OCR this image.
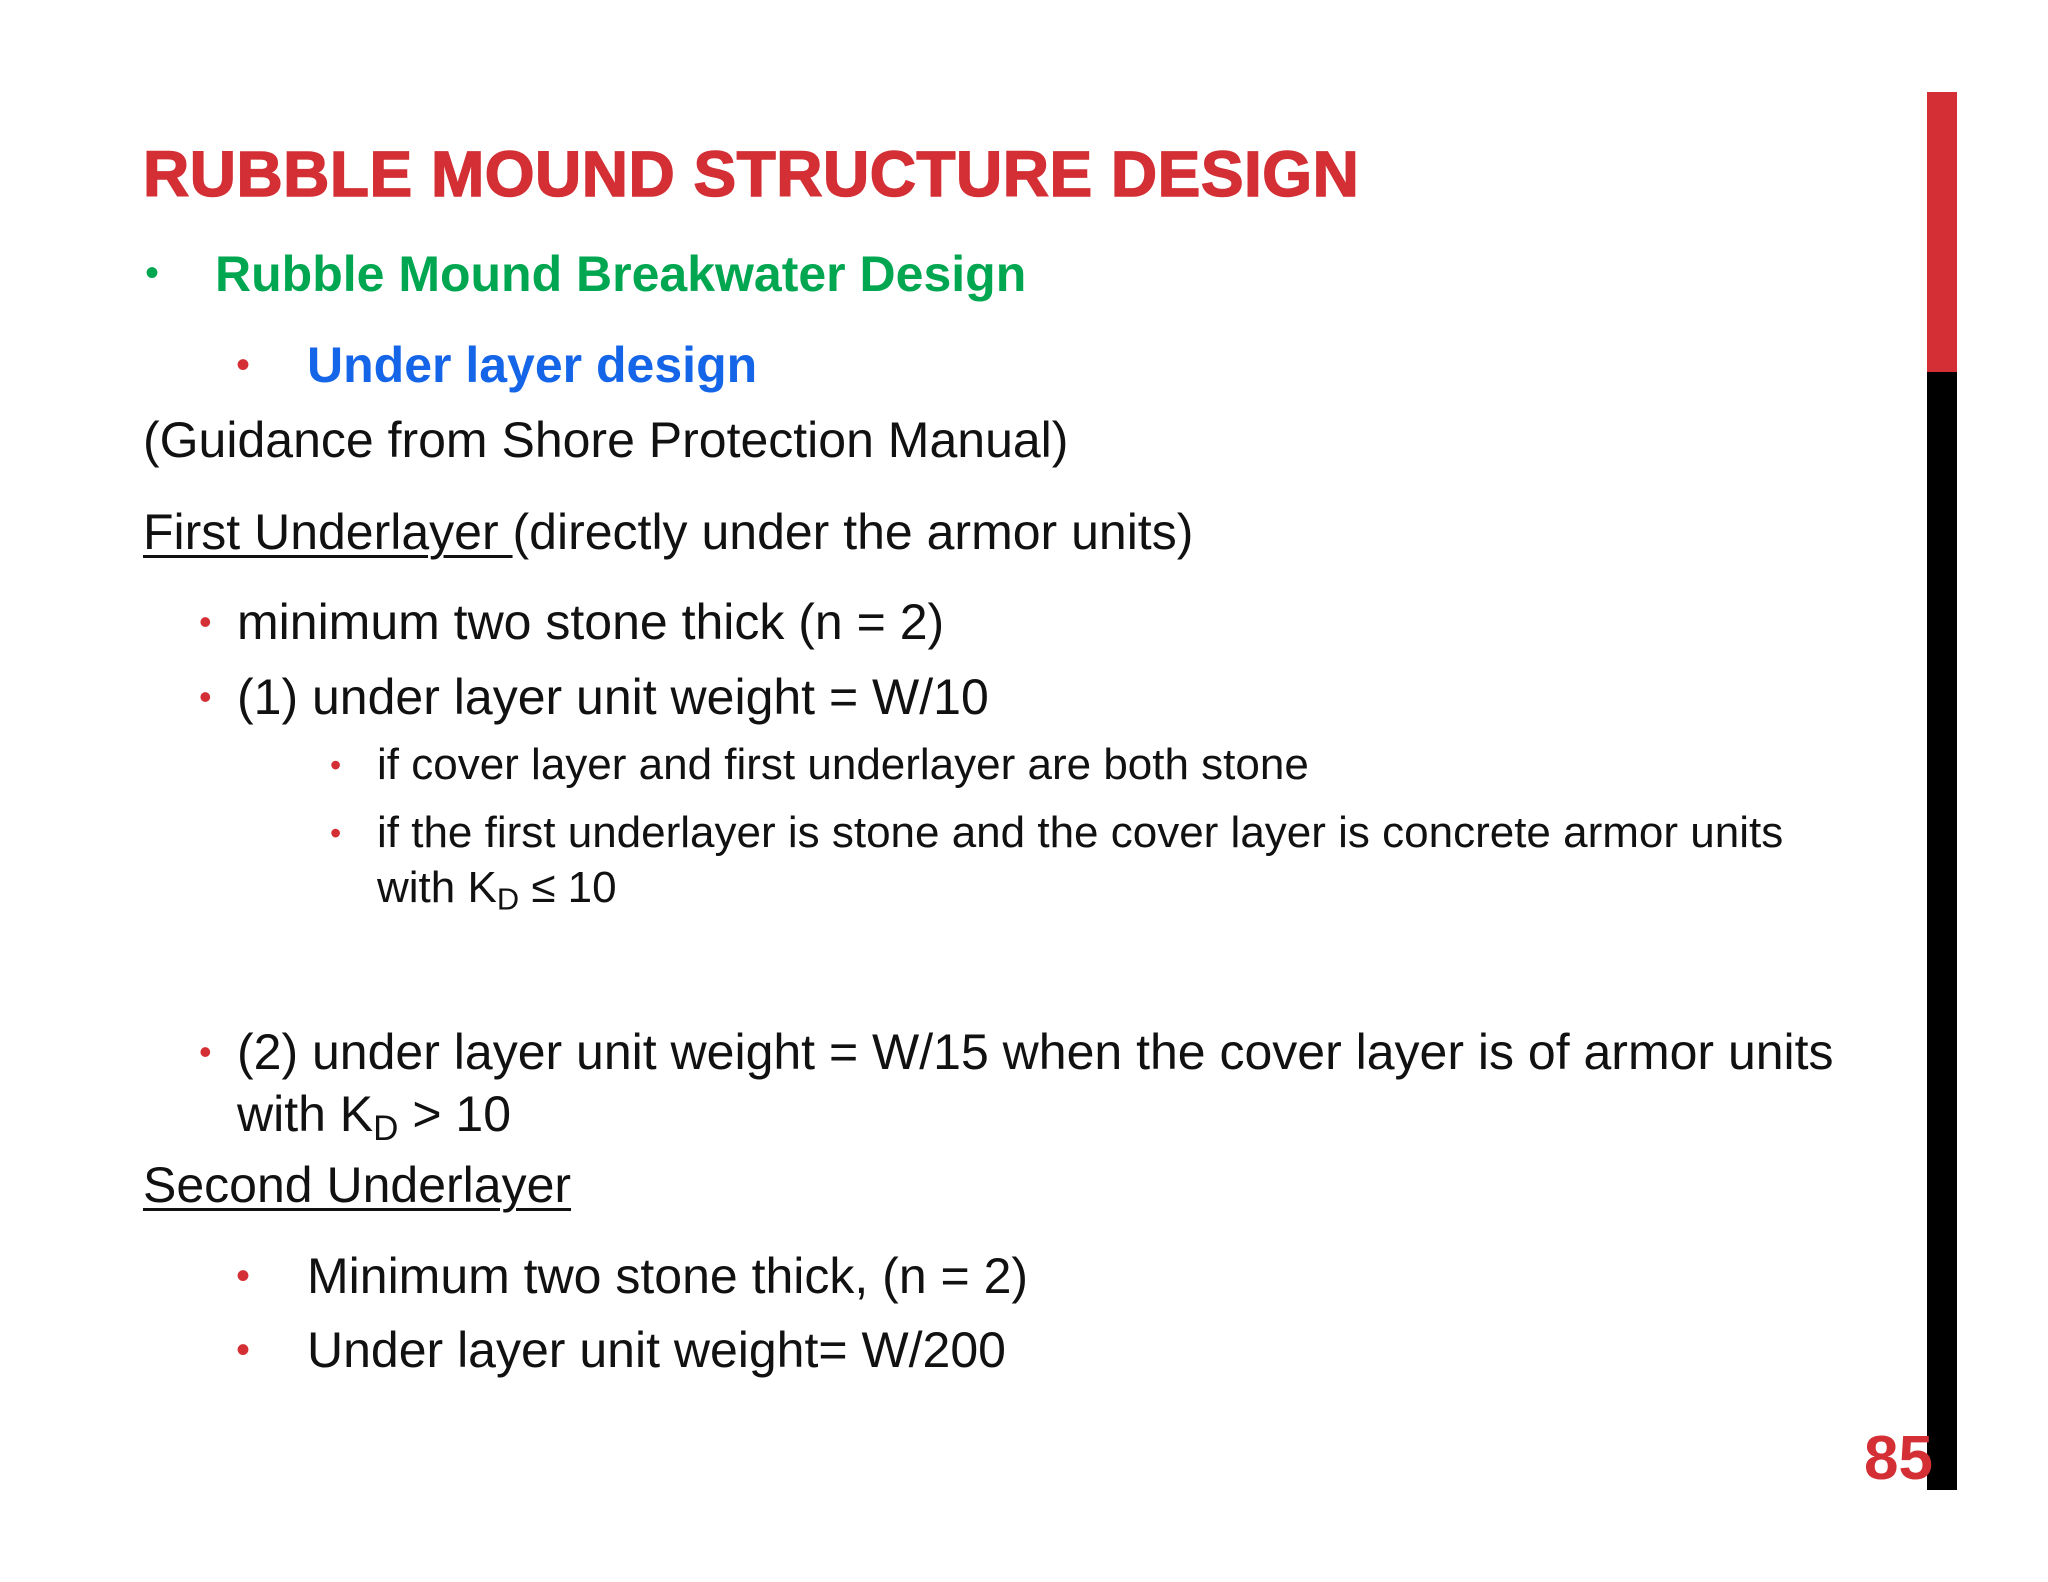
RUBBLE MOUND STRUCTURE DESIGN
• Rubble Mound Breakwater Design
• Under layer design
(Guidance from Shore Protection Manual)
First Underlayer (directly under the armor units)
• minimum two stone thick (n = 2)
• (1) under layer unit weight = W/10
• if cover layer and first underlayer are both stone
• if the first underlayer is stone and the cover layer is concrete armor units
with $K_D \le 10$
• (2) under layer unit weight = W/15 when the cover layer is of armor units
with $K_D > 10$
Second Underlayer
• Minimum two stone thick, (n = 2)
• Under layer unit weight= W/200
85
